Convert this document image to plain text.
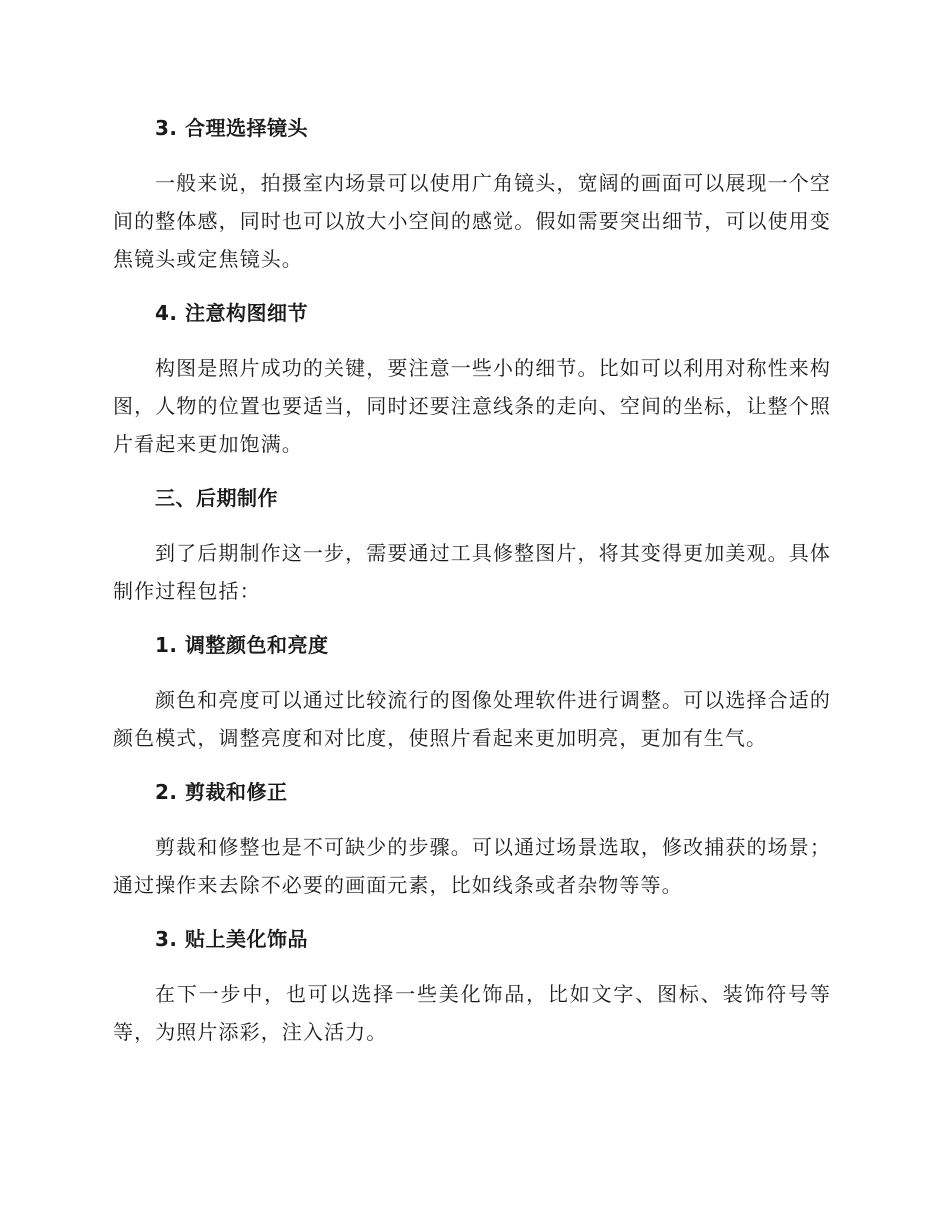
3. 合理选择镜头
一般来说，拍摄室内场景可以使用广角镜头，宽阔的画面可以展现一个空间的整体感，同时也可以放大小空间的感觉。假如需要突出细节，可以使用变焦镜头或定焦镜头。
4. 注意构图细节
构图是照片成功的关键，要注意一些小的细节。比如可以利用对称性来构图，人物的位置也要适当，同时还要注意线条的走向、空间的坐标，让整个照片看起来更加饱满。
三、后期制作
到了后期制作这一步，需要通过工具修整图片，将其变得更加美观。具体制作过程包括：
1. 调整颜色和亮度
颜色和亮度可以通过比较流行的图像处理软件进行调整。可以选择合适的颜色模式，调整亮度和对比度，使照片看起来更加明亮，更加有生气。
2. 剪裁和修正
剪裁和修整也是不可缺少的步骤。可以通过场景选取，修改捕获的场景；通过操作来去除不必要的画面元素，比如线条或者杂物等等。
3. 贴上美化饰品
在下一步中，也可以选择一些美化饰品，比如文字、图标、装饰符号等等，为照片添彩，注入活力。
